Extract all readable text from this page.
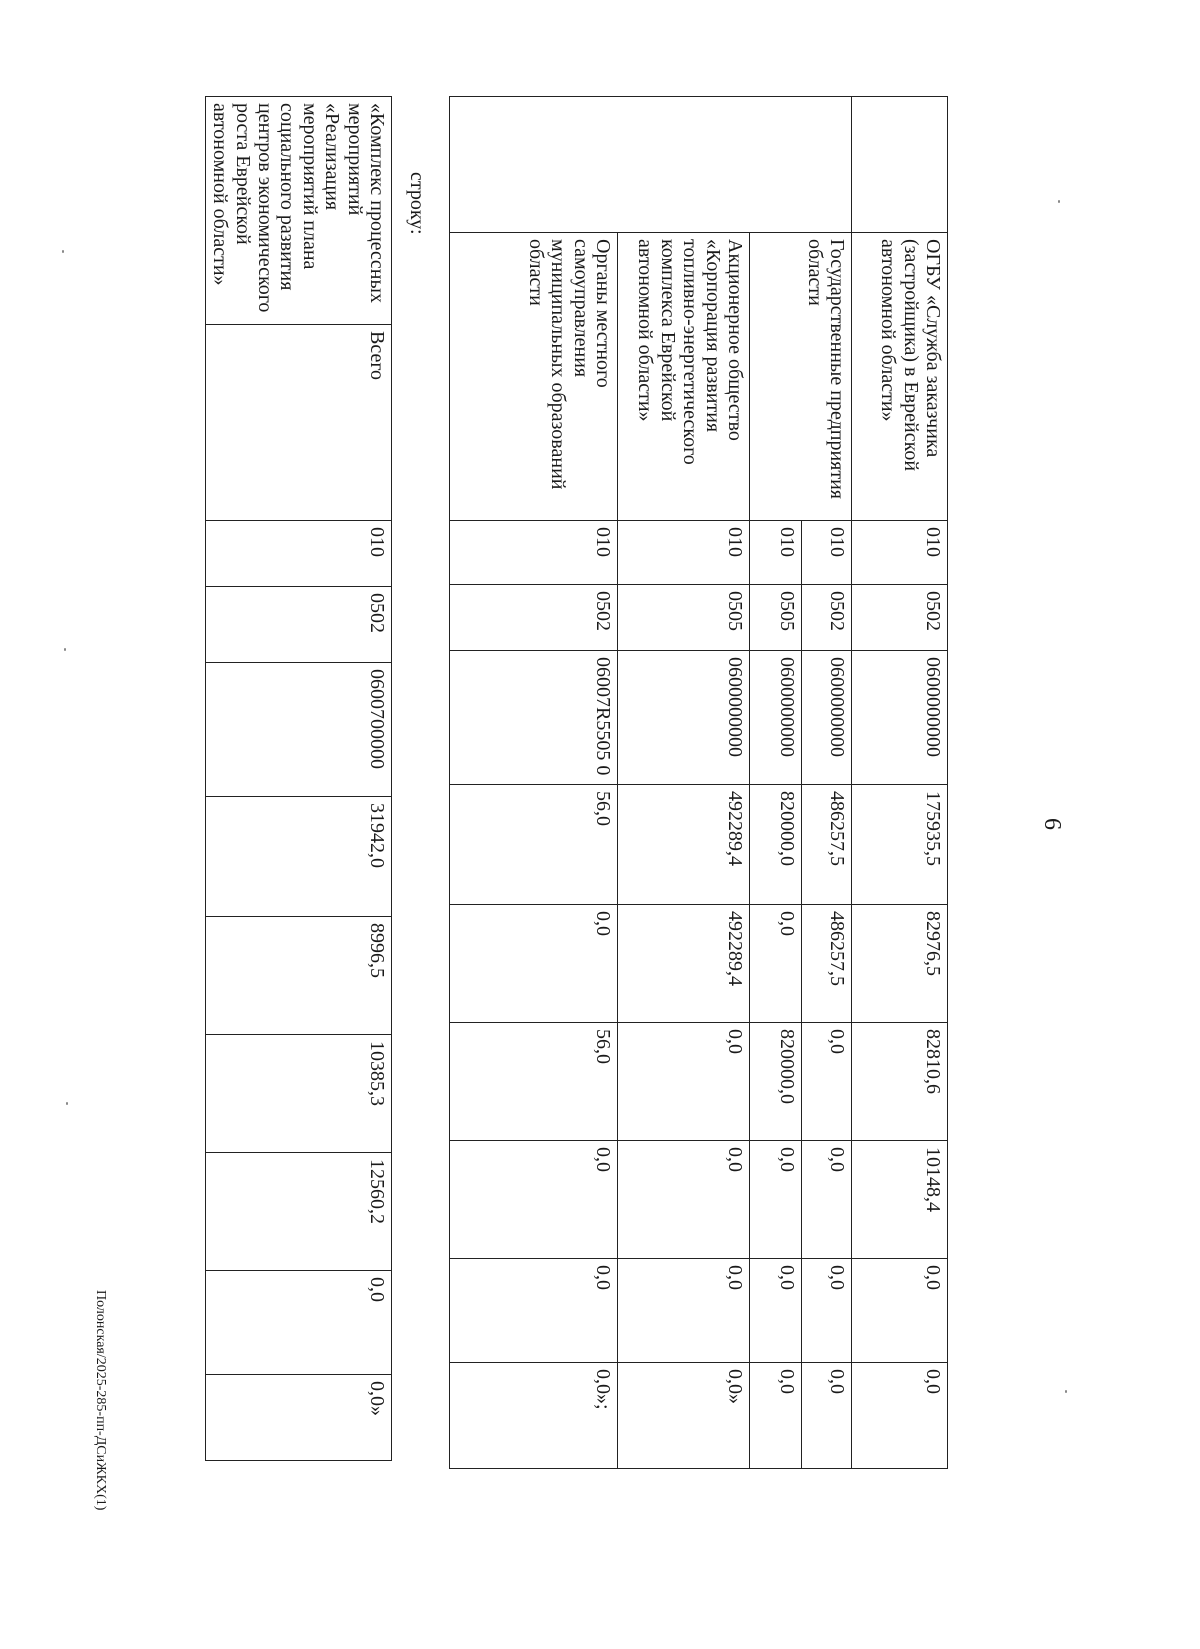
6
Полонская/2025-285-пп-ДСиЖКХ(1)
	ОГБУ «Служба заказчика (застройщика) в Еврейской автономной области»	010	0502	0600000000	175935,5	82976,5	82810,6	10148,4	0,0	0,0
	Государственные предприятия области	010	0502	0600000000	486257,5	486257,5	0,0	0,0	0,0	0,0
		010	0505	0600000000	820000,0	0,0	820000,0	0,0	0,0	0,0
	Акционерное общество «Корпорация развития топливно-энергетического комплекса Еврейской автономной области»	010	0505	0600000000	492289,4	492289,4	0,0	0,0	0,0	0,0»
	Органы местного самоуправления муниципальных образований области	010	0502	06007R5505 0	56,0	0,0	56,0	0,0	0,0	0,0»;
строку:
«Комплекс процессных мероприятий «Реализация мероприятий плана социального развития центров экономического роста Еврейской автономной области»	Всего	010	0502	0600700000	31942,0	8996,5	10385,3	12560,2	0,0	0,0»
